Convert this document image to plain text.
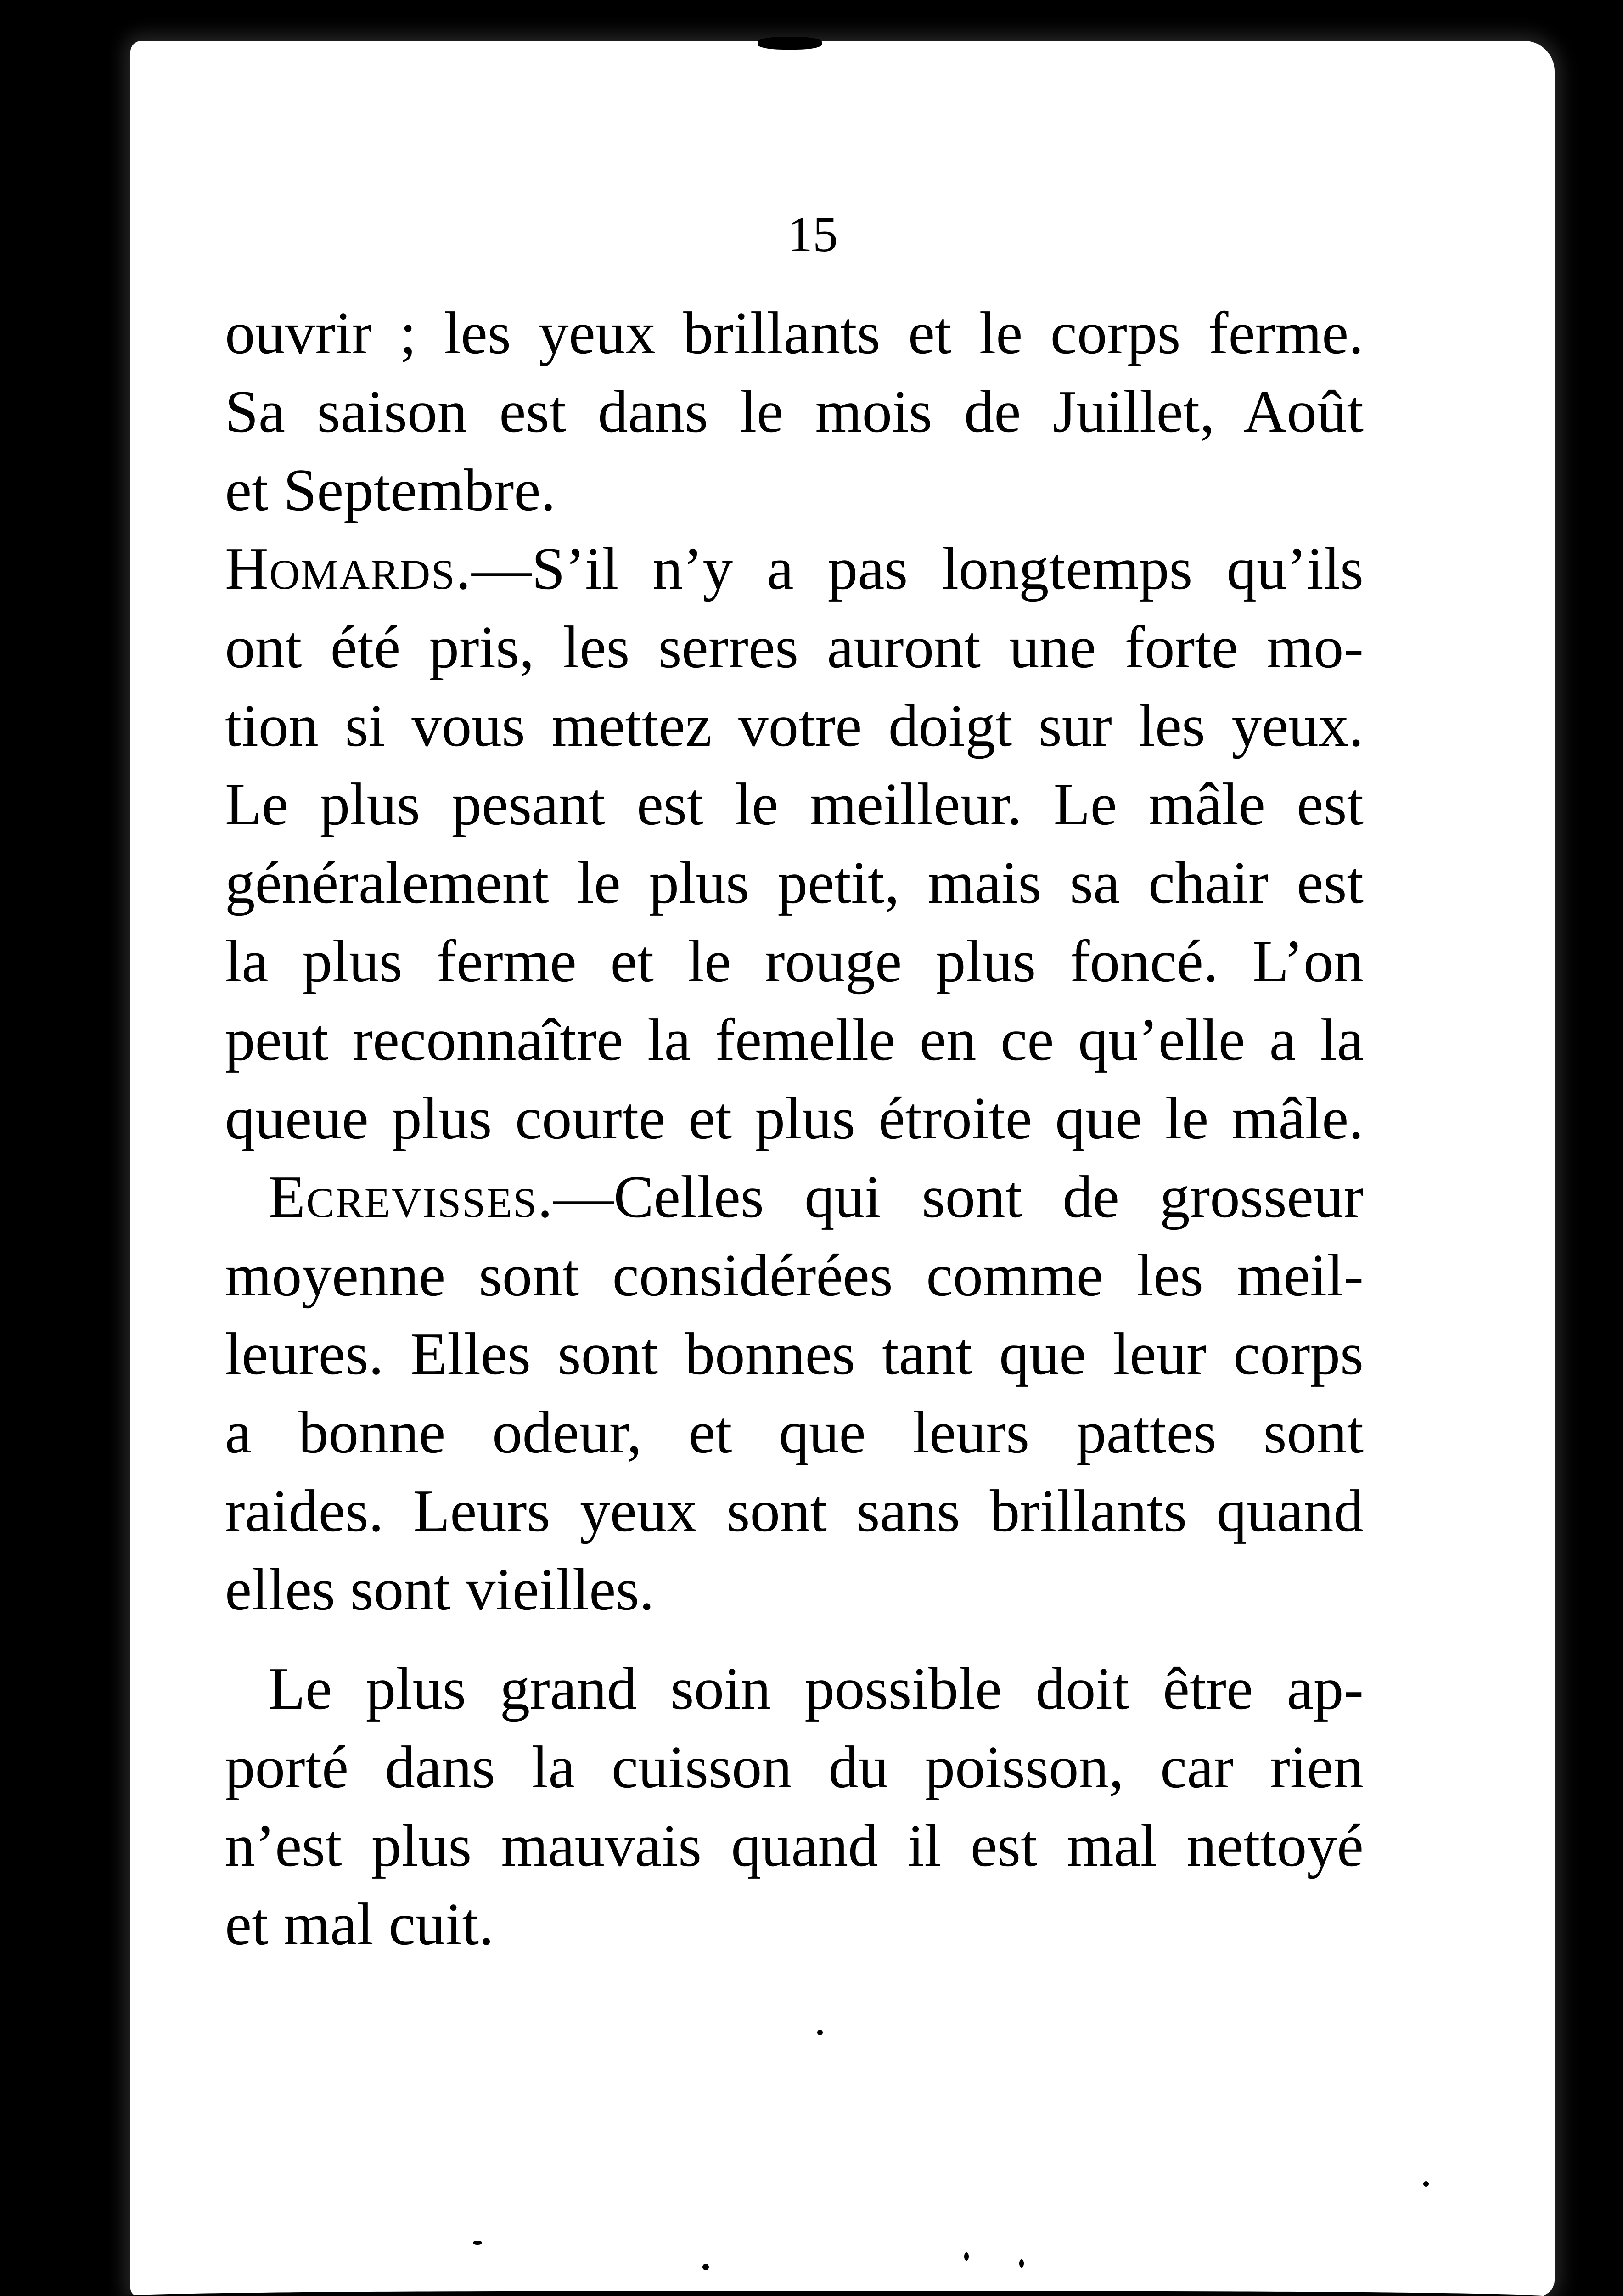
15
ouvrir ; les yeux brillants et le corps ferme.
Sa saison est dans le mois de Juillet, Août
et Septembre.
Homards.—S’il n’y a pas longtemps qu’ils
ont été pris, les serres auront une forte mo-
tion si vous mettez votre doigt sur les yeux.
Le plus pesant est le meilleur. Le mâle est
généralement le plus petit, mais sa chair est
la plus ferme et le rouge plus foncé. L’on
peut reconnaître la femelle en ce qu’elle a la
queue plus courte et plus étroite que le mâle.
Ecrevisses.—Celles qui sont de grosseur
moyenne sont considérées comme les meil-
leures. Elles sont bonnes tant que leur corps
a bonne odeur, et que leurs pattes sont
raides. Leurs yeux sont sans brillants quand
elles sont vieilles.
Le plus grand soin possible doit être ap-
porté dans la cuisson du poisson, car rien
n’est plus mauvais quand il est mal nettoyé
et mal cuit.
